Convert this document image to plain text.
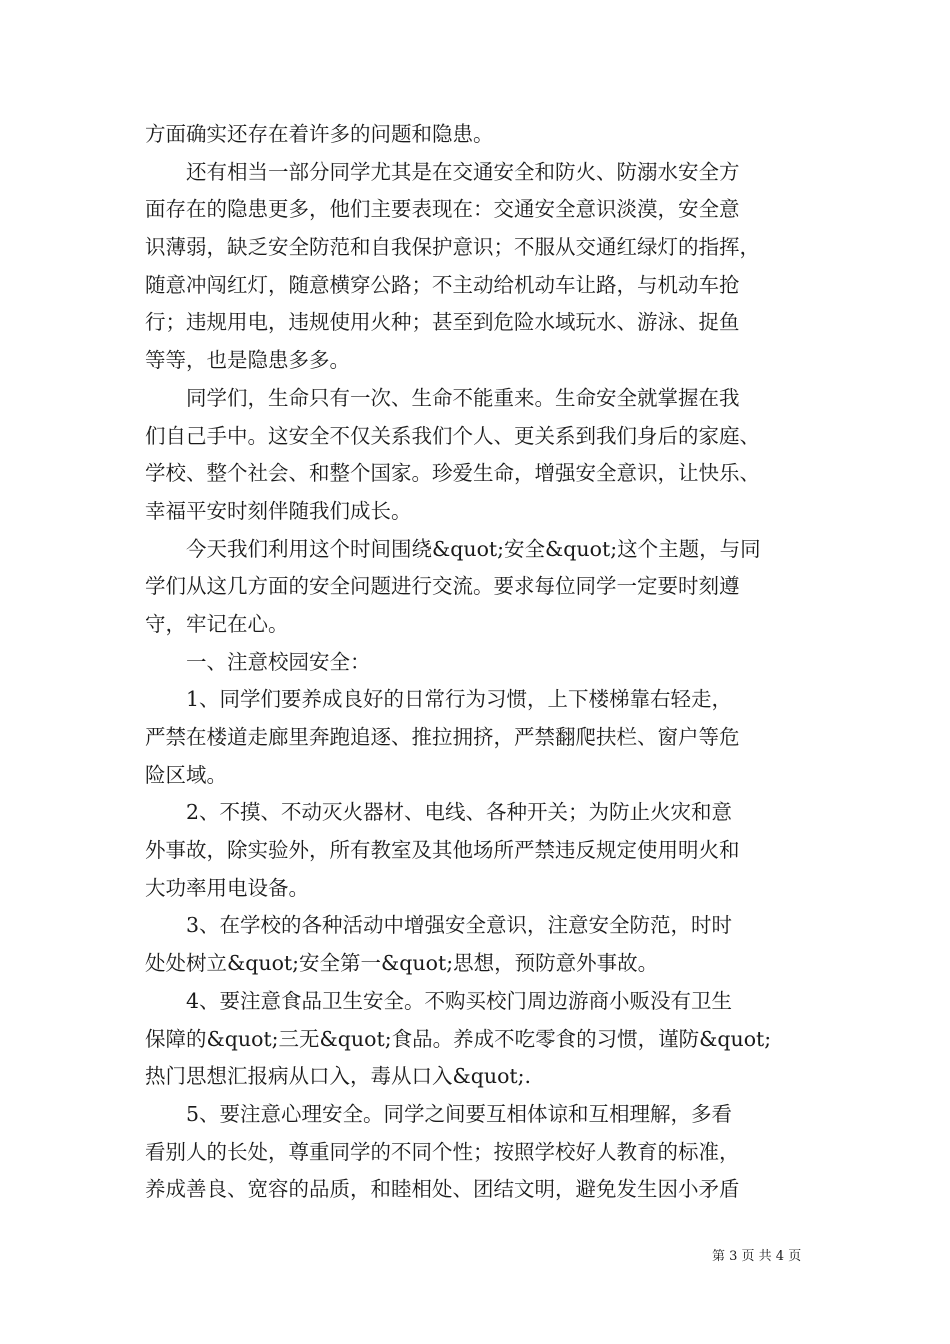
方面确实还存在着许多的问题和隐患。
　　还有相当一部分同学尤其是在交通安全和防火、防溺水安全方
面存在的隐患更多，他们主要表现在：交通安全意识淡漠，安全意
识薄弱，缺乏安全防范和自我保护意识；不服从交通红绿灯的指挥，
随意冲闯红灯，随意横穿公路；不主动给机动车让路，与机动车抢
行；违规用电，违规使用火种；甚至到危险水域玩水、游泳、捉鱼
等等，也是隐患多多。
　　同学们，生命只有一次、生命不能重来。生命安全就掌握在我
们自己手中。这安全不仅关系我们个人、更关系到我们身后的家庭、
学校、整个社会、和整个国家。珍爱生命，增强安全意识，让快乐、
幸福平安时刻伴随我们成长。
　　今天我们利用这个时间围绕&quot;安全&quot;这个主题，与同
学们从这几方面的安全问题进行交流。要求每位同学一定要时刻遵
守，牢记在心。
　　一、注意校园安全：
　　1、同学们要养成良好的日常行为习惯，上下楼梯靠右轻走，
严禁在楼道走廊里奔跑追逐、推拉拥挤，严禁翻爬扶栏、窗户等危
险区域。
　　2、不摸、不动灭火器材、电线、各种开关；为防止火灾和意
外事故，除实验外，所有教室及其他场所严禁违反规定使用明火和
大功率用电设备。
　　3、在学校的各种活动中增强安全意识，注意安全防范，时时
处处树立&quot;安全第一&quot;思想，预防意外事故。
　　4、要注意食品卫生安全。不购买校门周边游商小贩没有卫生
保障的&quot;三无&quot;食品。养成不吃零食的习惯，谨防&quot;
热门思想汇报病从口入，毒从口入&quot;.
　　5、要注意心理安全。同学之间要互相体谅和互相理解，多看
看别人的长处，尊重同学的不同个性；按照学校好人教育的标准，
养成善良、宽容的品质，和睦相处、团结文明，避免发生因小矛盾
第 3 页 共 4 页
